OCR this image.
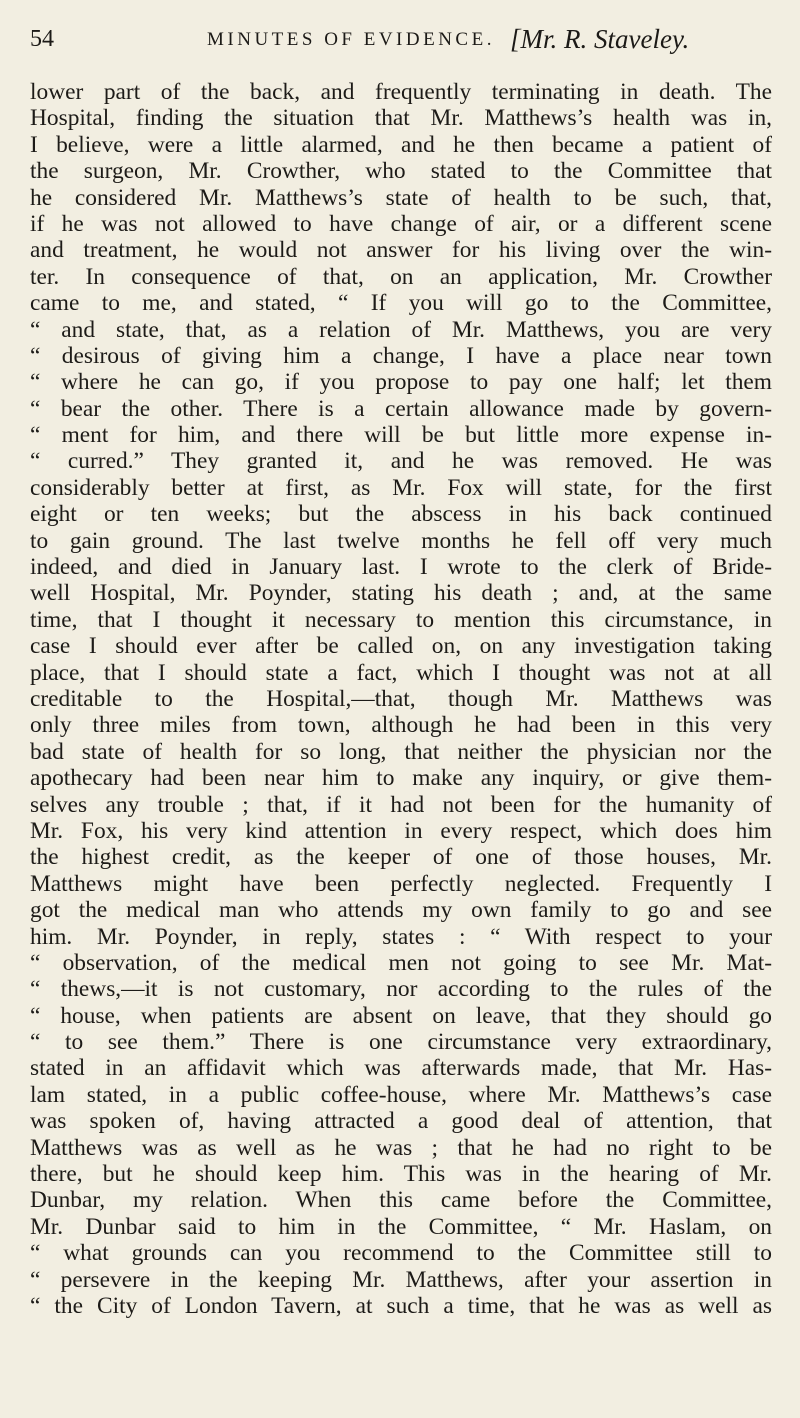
54	MINUTES OF EVIDENCE. [Mr. R. Staveley.
lower part of the back, and frequently terminating in death. The
Hospital, finding the situation that Mr. Matthews’s health was in,
I believe, were a little alarmed, and he then became a patient of
the surgeon, Mr. Crowther, who stated to the Committee that
he considered Mr. Matthews’s state of health to be such, that,
if he was not allowed to have change of air, or a different scene
and treatment, he would not answer for his living over the win-
ter. In consequence of that, on an application, Mr. Crowther
came to me, and stated, “ If you will go to the Committee,
“ and state, that, as a relation of Mr. Matthews, you are very
“ desirous of giving him a change, I have a place near town
“ where he can go, if you propose to pay one half; let them
“ bear the other. There is a certain allowance made by govern-
“ ment for him, and there will be but little more expense in-
“ curred.” They granted it, and he was removed. He was
considerably better at first, as Mr. Fox will state, for the first
eight or ten weeks; but the abscess in his back continued
to gain ground. The last twelve months he fell off very much
indeed, and died in January last. I wrote to the clerk of Bride-
well Hospital, Mr. Poynder, stating his death ; and, at the same
time, that I thought it necessary to mention this circumstance, in
case I should ever after be called on, on any investigation taking
place, that I should state a fact, which I thought was not at all
creditable to the Hospital,—that, though Mr. Matthews was
only three miles from town, although he had been in this very
bad state of health for so long, that neither the physician nor the
apothecary had been near him to make any inquiry, or give them-
selves any trouble ; that, if it had not been for the humanity of
Mr. Fox, his very kind attention in every respect, which does him
the highest credit, as the keeper of one of those houses, Mr.
Matthews might have been perfectly neglected. Frequently I
got the medical man who attends my own family to go and see
him. Mr. Poynder, in reply, states : “ With respect to your
“ observation, of the medical men not going to see Mr. Mat-
“ thews,—it is not customary, nor according to the rules of the
“ house, when patients are absent on leave, that they should go
“ to see them.” There is one circumstance very extraordinary,
stated in an affidavit which was afterwards made, that Mr. Has-
lam stated, in a public coffee-house, where Mr. Matthews’s case
was spoken of, having attracted a good deal of attention, that
Matthews was as well as he was ; that he had no right to be
there, but he should keep him. This was in the hearing of Mr.
Dunbar, my relation. When this came before the Committee,
Mr. Dunbar said to him in the Committee, “ Mr. Haslam, on
“ what grounds can you recommend to the Committee still to
“ persevere in the keeping Mr. Matthews, after your assertion in
“ the City of London Tavern, at such a time, that he was as well as
